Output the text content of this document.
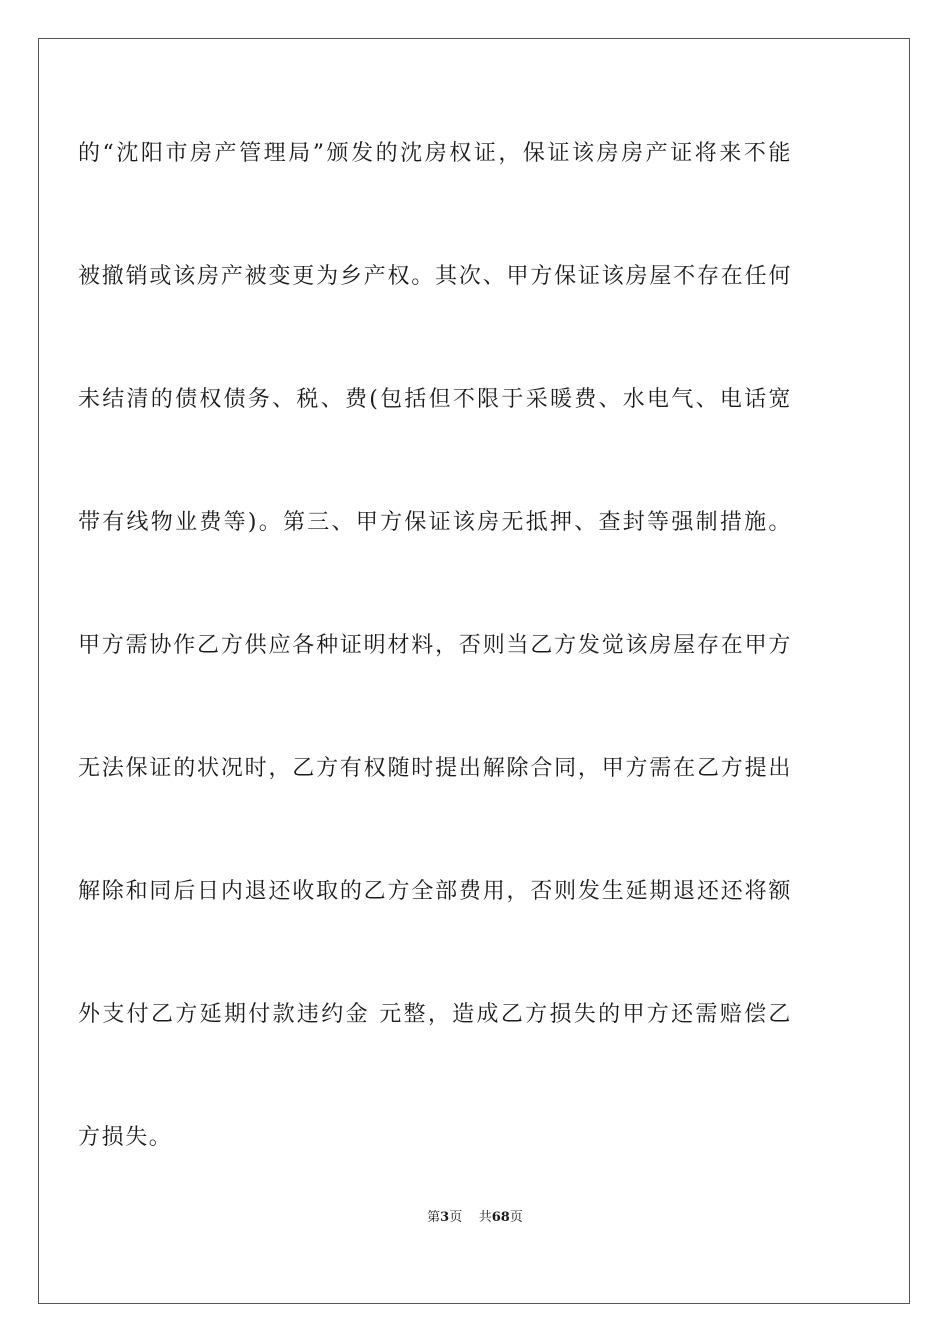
的“沈阳市房产管理局”颁发的沈房权证，保证该房房产证将来不能
被撤销或该房产被变更为乡产权。其次、甲方保证该房屋不存在任何
未结清的债权债务、税、费(包括但不限于采暖费、水电气、电话宽
带有线物业费等)。第三、甲方保证该房无抵押、查封等强制措施。
甲方需协作乙方供应各种证明材料，否则当乙方发觉该房屋存在甲方
无法保证的状况时，乙方有权随时提出解除合同，甲方需在乙方提出
解除和同后日内退还收取的乙方全部费用，否则发生延期退还还将额
外支付乙方延期付款违约金 元整，造成乙方损失的甲方还需赔偿乙
方损失。
第3页 共68页
